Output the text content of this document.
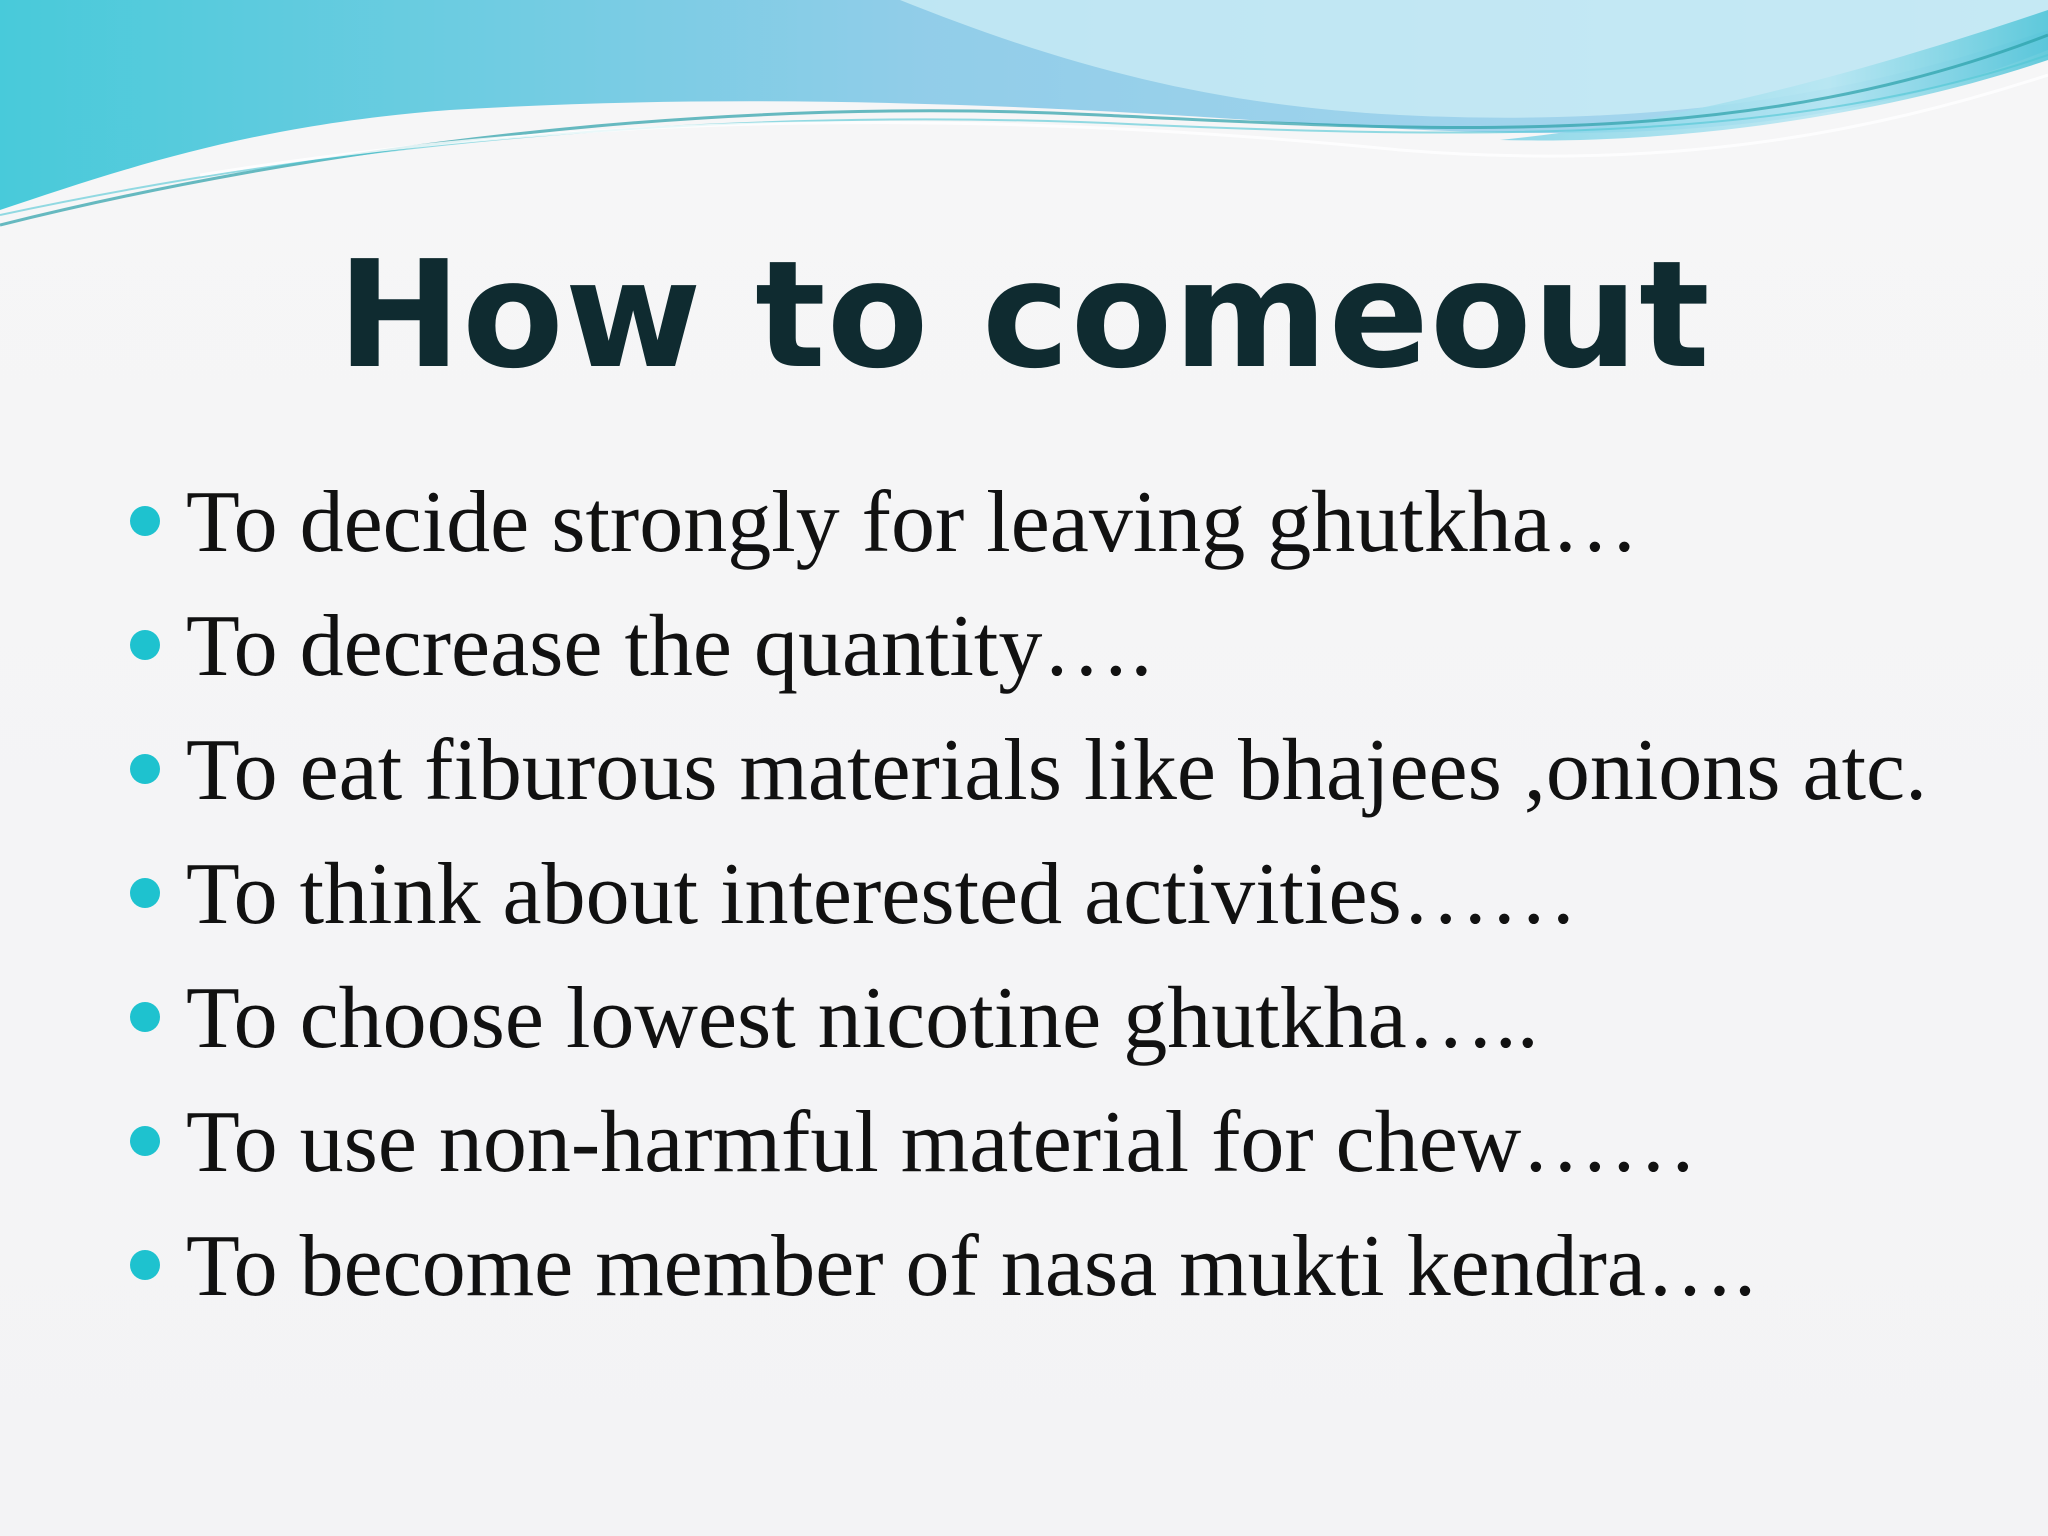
How to comeout
To decide strongly for leaving ghutkha…
To decrease the quantity….
To eat fiburous materials like bhajees ,onions atc.
To think about interested activities……
To choose lowest nicotine ghutkha…..
To use non-harmful material for chew……
To become member of nasa mukti kendra….
